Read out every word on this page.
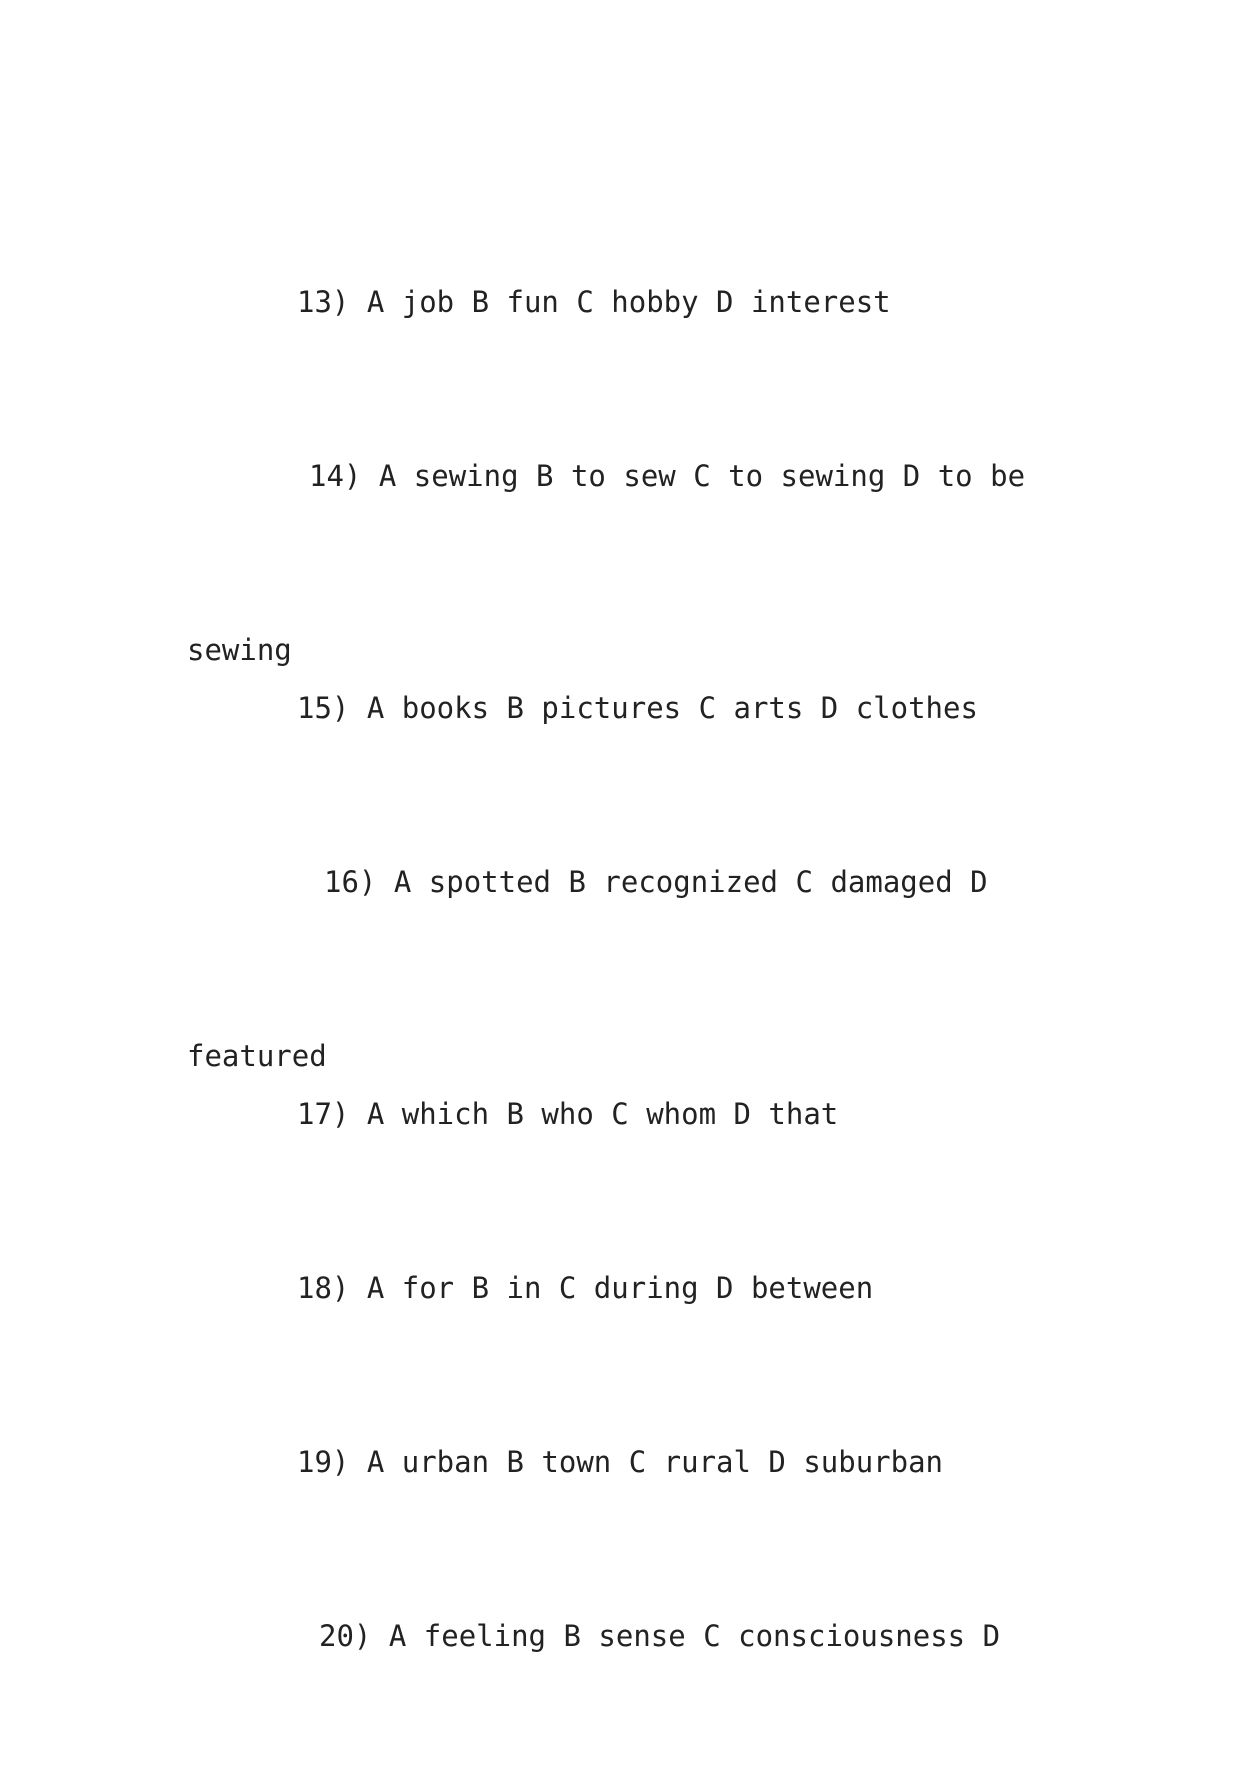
13) A job B fun C hobby D interest

14) A sewing B to sew C to sewing D to be

sewing

15) A books B pictures C arts D clothes

16) A spotted B recognized C damaged D

featured

17) A which B who C whom D that

18) A for B in C during D between

19) A urban B town C rural D suburban

20) A feeling B sense C consciousness D
